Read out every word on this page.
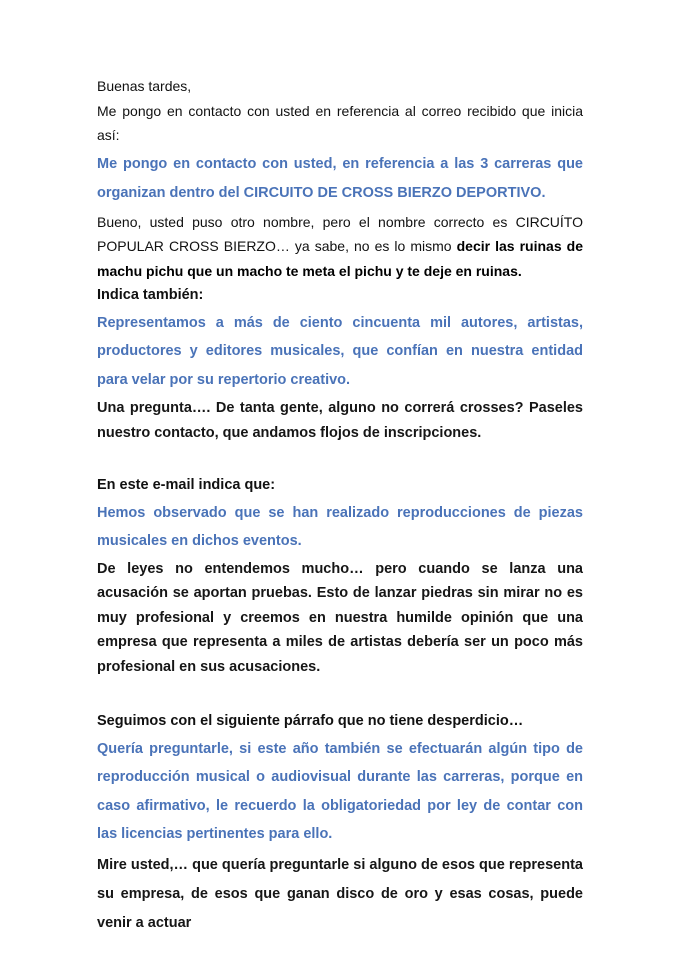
Buenas tardes,

Me pongo en contacto con usted en referencia al correo recibido que inicia así:

Me pongo en contacto con usted, en referencia a las 3 carreras que organizan dentro del CIRCUITO DE CROSS BIERZO DEPORTIVO.

Bueno, usted puso otro nombre, pero el nombre correcto es CIRCUÍTO POPULAR CROSS BIERZO… ya sabe, no es lo mismo decir las ruinas de machu pichu que un macho te meta el pichu y te deje en ruinas.

Indica también:

Representamos a más de ciento cincuenta mil autores, artistas, productores y editores musicales, que confían en nuestra entidad para velar por su repertorio creativo.

Una pregunta…. De tanta gente, alguno no correrá crosses? Paseles nuestro contacto, que andamos flojos de inscripciones.

En este e-mail indica que:

Hemos observado que se han realizado reproducciones de piezas musicales en dichos eventos.

De leyes no entendemos mucho… pero cuando se lanza una acusación se aportan pruebas. Esto de lanzar piedras sin mirar no es muy profesional y creemos en nuestra humilde opinión que una empresa que representa a miles de artistas debería ser un poco más profesional en sus acusaciones.

Seguimos con el siguiente párrafo que no tiene desperdicio…

Quería preguntarle, si este año también se efectuarán algún tipo de reproducción musical o audiovisual durante las carreras, porque en caso afirmativo, le recuerdo la obligatoriedad por ley de contar con las licencias pertinentes para ello.

Mire usted,… que quería preguntarle si alguno de esos que representa su empresa, de esos que ganan disco de oro y esas cosas, puede venir a actuar
